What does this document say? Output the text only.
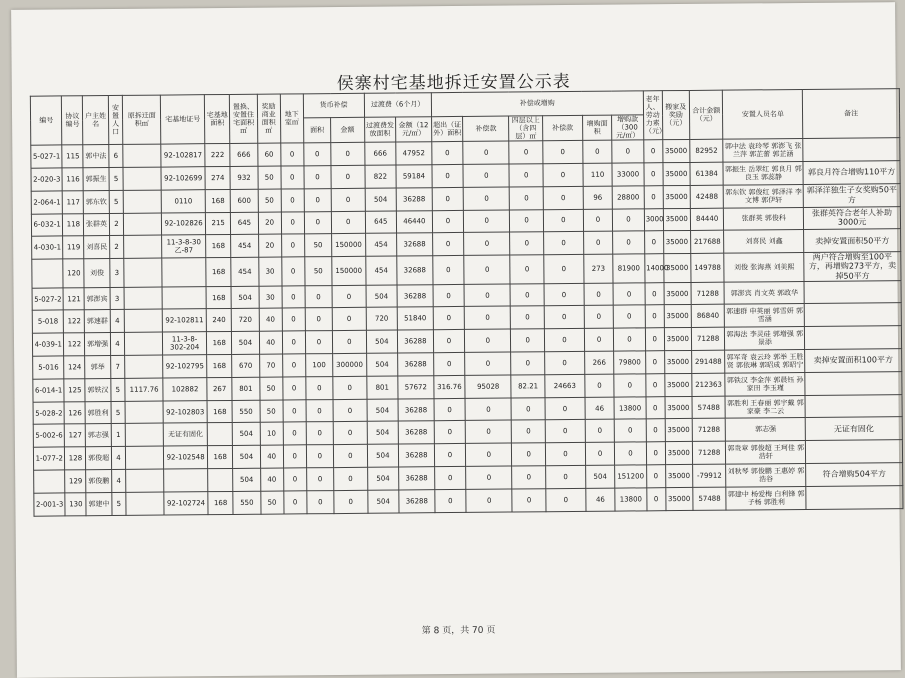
侯寨村宅基地拆迁安置公示表
编号	协议编号	户主姓名	安置人口	原拆迁面积㎡	宅基地证号	宅基地面积	置换、安置住宅面积㎡	奖励商业面积㎡	地下室㎡	货币补偿		过渡费（6个月）		补偿或增购						老年人、劳动力素（元）	搬家及奖励（元）	合计金额（元）	安置人员名单	备注
										面积	金额	过渡费发放面积	金额（12元/㎡）	超出（证外）面积	补偿款	四层以上（含四层）㎡	补偿款	增购面积	增购款（300元/㎡）					

5-027-1	115	郭中法	6		92-102817	222	666	60	0	0	0	666	47952	0	0	0	0	0	0	0	35000	82952	郭中法 袁玲琴 郭澎飞 张兰萍 郭芷蕾 郭芷涵	
2-020-3	116	郭振生	5		92-102699	274	932	50	0	0	0	822	59184	0	0	0	0	110	33000	0	35000	61384	郭振生 岳翠红 郭良月 郭良玉 郭蕊静	郭良月符合增购110平方
2-064-1	117	郭东钦	5		0110	168	600	50	0	0	0	504	36288	0	0	0	0	96	28800	0	35000	42488	郭东钦 郭俊红 郭泽洋 李文博 郭伊轩	郭泽洋独生子女奖购50平方
6-032-1	118	张群英	2		92-102826	215	645	20	0	0	0	645	46440	0	0	0	0	0	0	3000	35000	84440	张群英 郭俊科	张群英符合老年人补助3000元
4-030-1	119	刘喜民	2		11-3-8-30乙-87	168	454	20	0	50	150000	454	32688	0	0	0	0	0	0	0	35000	217688	刘喜民 刘鑫	卖掉安置面积50平方
	120	刘俊	3			168	454	30	0	50	150000	454	32688	0	0	0	0	273	81900	14000	35000	149788	刘俊 张海燕 刘美熙	两户符合增购至100平方，再增购273平方，卖掉50平方
5-027-2	121	郭澎宾	3			168	504	30	0	0	0	504	36288	0	0	0	0	0	0	0	35000	71288	郭澎宾 肖文英 郭政华	
5-018	122	郭速群	4		92-102811	240	720	40	0	0	0	720	51840	0	0	0	0	0	0	0	35000	86840	郭速群 申英丽 郭雪妍 郭雪涵	
4-039-1	122	郭增强	4		11-3-8-302-204	168	504	40	0	0	0	504	36288	0	0	0	0	0	0	0	35000	71288	郭海法 李灵硅 郭增强 郭景添	
5-016	124	郭举	7		92-102795	168	670	70	0	100	300000	504	36288	0	0	0	0	266	79800	0	35000	291488	郭军奇 袁云玲 郭举 王胜贤 郭依琳 郭昭成 郭昭宁	卖掉安置面积100平方
6-014-1	125	郭铁汉	5	1117.76	102882	267	801	50	0	0	0	801	57672	316.76	95028	82.21	24663	0	0	0	35000	212363	郭铁汉 李金萍 郭晨钰 孙家田 李玉瑾	
5-028-2	126	郭胜利	5		92-102803	168	550	50	0	0	0	504	36288	0	0	0	0	46	13800	0	35000	57488	郭胜利 王春丽 郭宇戴 郭家豪 李二云	
5-002-6	127	郭志强	1		无证有固化		504	10	0	0	0	504	36288	0	0	0	0	0	0	0	35000	71288	郭志强	无证有固化
1-077-2	128	郭俊超	4		92-102548	168	504	40	0	0	0	504	36288	0	0	0	0	0	0	0	35000	71288	郭贵章 郭俊超 王珂佳 郭浩轩	
	129	郭俊鹏	4				504	40	0	0	0	504	36288	0	0	0	0	504	151200	0	35000	-79912	刘秋琴 郭俊鹏 王惠婷 郭浩谷	符合增购504平方
2-001-3	130	郭建中	5		92-102724	168	550	50	0	0	0	504	36288	0	0	0	0	46	13800	0	35000	57488	郭建中 杨爱梅 白利锋 郭子杨 郭胜利	
第 8 页，共 70 页
